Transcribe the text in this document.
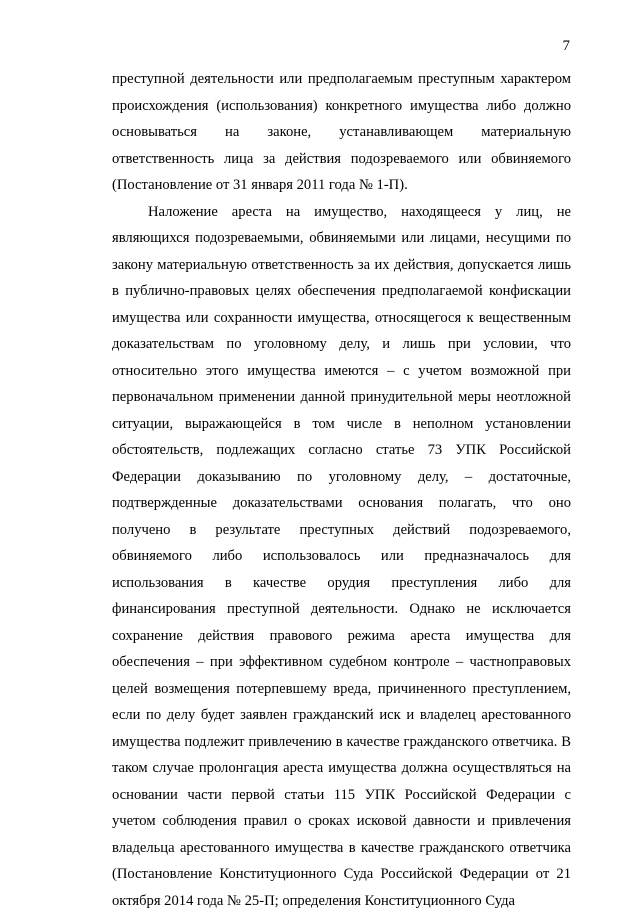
7

преступной деятельности или предполагаемым преступным характером происхождения (использования) конкретного имущества либо должно основываться на законе, устанавливающем материальную ответственность лица за действия подозреваемого или обвиняемого (Постановление от 31 января 2011 года № 1-П).

Наложение ареста на имущество, находящееся у лиц, не являющихся подозреваемыми, обвиняемыми или лицами, несущими по закону материальную ответственность за их действия, допускается лишь в публично-правовых целях обеспечения предполагаемой конфискации имущества или сохранности имущества, относящегося к вещественным доказательствам по уголовному делу, и лишь при условии, что относительно этого имущества имеются – с учетом возможной при первоначальном применении данной принудительной меры неотложной ситуации, выражающейся в том числе в неполном установлении обстоятельств, подлежащих согласно статье 73 УПК Российской Федерации доказыванию по уголовному делу, – достаточные, подтвержденные доказательствами основания полагать, что оно получено в результате преступных действий подозреваемого, обвиняемого либо использовалось или предназначалось для использования в качестве орудия преступления либо для финансирования преступной деятельности. Однако не исключается сохранение действия правового режима ареста имущества для обеспечения – при эффективном судебном контроле – частноправовых целей возмещения потерпевшему вреда, причиненного преступлением, если по делу будет заявлен гражданский иск и владелец арестованного имущества подлежит привлечению в качестве гражданского ответчика. В таком случае пролонгация ареста имущества должна осуществляться на основании части первой статьи 115 УПК Российской Федерации с учетом соблюдения правил о сроках исковой давности и привлечения владельца арестованного имущества в качестве гражданского ответчика (Постановление Конституционного Суда Российской Федерации от 21 октября 2014 года № 25-П; определения Конституционного Суда
